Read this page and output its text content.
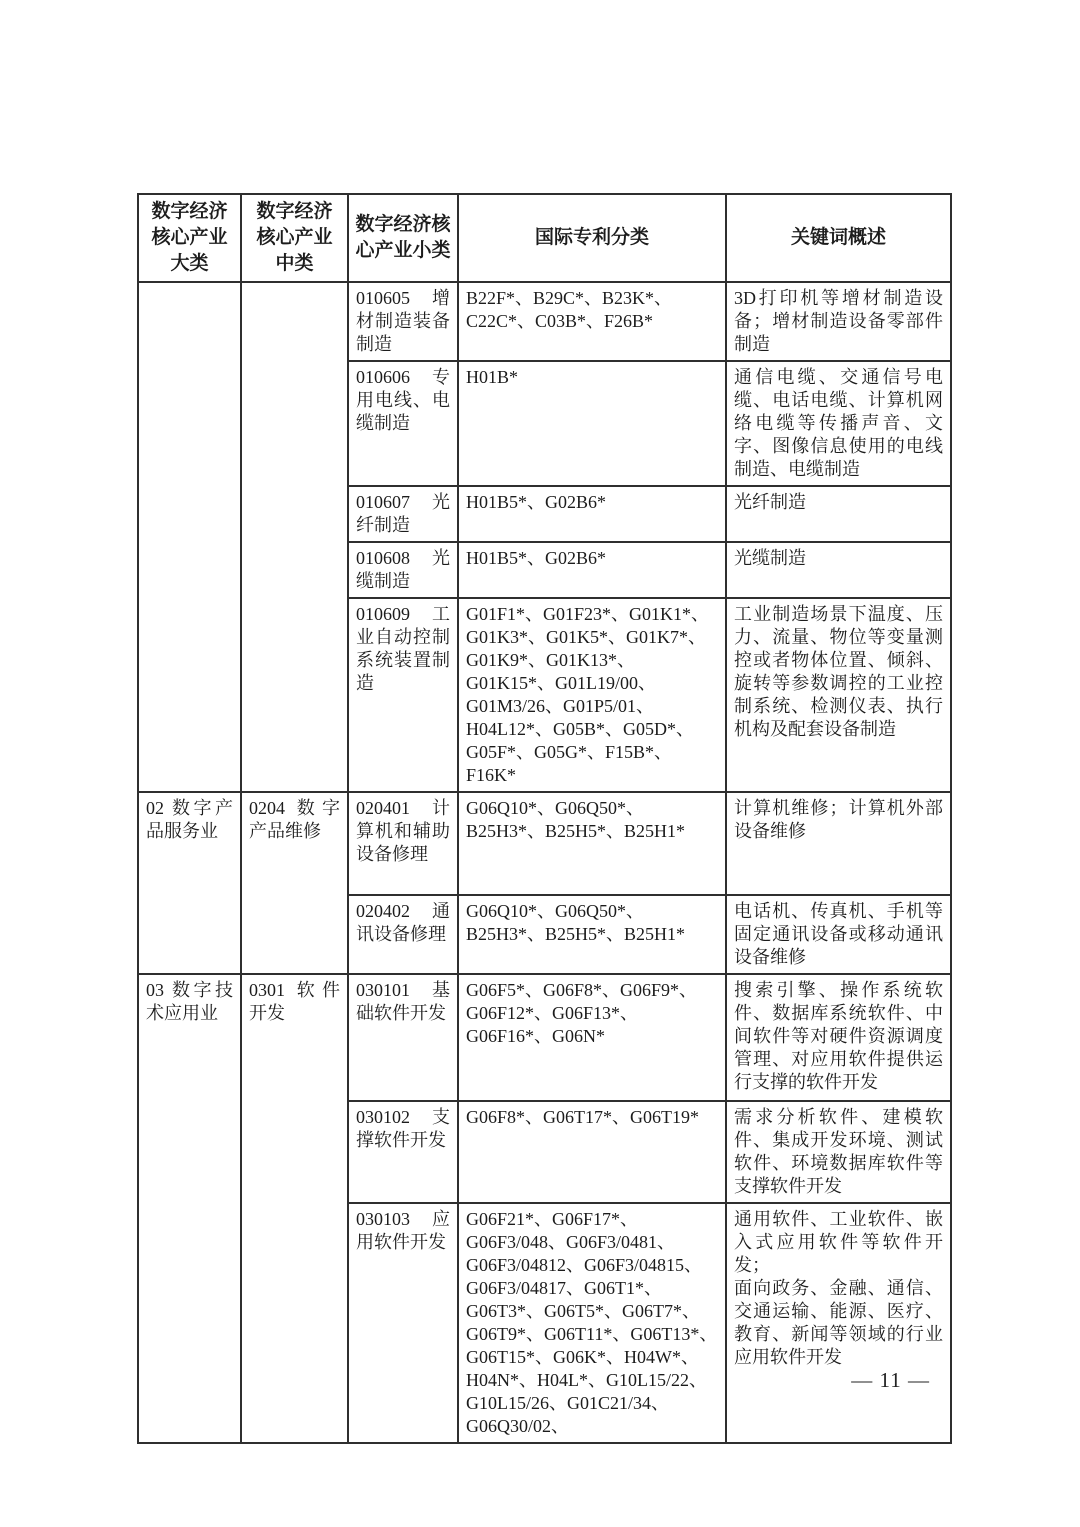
数字经济核心产业大类	数字经济核心产业中类	数字经济核心产业小类	国际专利分类	关键词概述
		010605 增材制造装备制造	B22F*、B29C*、B23K*、C22C*、C03B*、F26B*	3D打印机等增材制造设备；增材制造设备零部件制造

		010606 专用电线、电缆制造	H01B*	通信电缆、交通信号电缆、电话电缆、计算机网络电缆等传播声音、文字、图像信息使用的电线制造、电缆制造

		010607 光纤制造	H01B5*、G02B6*	光纤制造

		010608 光缆制造	H01B5*、G02B6*	光缆制造

		010609 工业自动控制系统装置制造	G01F1*、G01F23*、G01K1*、G01K3*、G01K5*、G01K7*、G01K9*、G01K13*、G01K15*、G01L19/00、G01M3/26、G01P5/01、H04L12*、G05B*、G05D*、G05F*、G05G*、F15B*、F16K*	工业制造场景下温度、压力、流量、物位等变量测控或者物体位置、倾斜、旋转等参数调控的工业控制系统、检测仪表、执行机构及配套设备制造

02 数字产品服务业	0204 数字产品维修	020401 计算机和辅助设备修理	G06Q10*、G06Q50*、B25H3*、B25H5*、B25H1*	计算机维修；计算机外部设备维修

		020402 通讯设备修理	G06Q10*、G06Q50*、B25H3*、B25H5*、B25H1*	电话机、传真机、手机等固定通讯设备或移动通讯设备维修

03 数字技术应用业	0301 软件开发	030101 基础软件开发	G06F5*、G06F8*、G06F9*、G06F12*、G06F13*、G06F16*、G06N*	搜索引擎、操作系统软件、数据库系统软件、中间软件等对硬件资源调度管理、对应用软件提供运行支撑的软件开发

		030102 支撑软件开发	G06F8*、G06T17*、G06T19*	需求分析软件、建模软件、集成开发环境、测试软件、环境数据库软件等支撑软件开发

		030103 应用软件开发	G06F21*、G06F17*、G06F3/048、G06F3/0481、G06F3/04812、G06F3/04815、G06F3/04817、G06T1*、G06T3*、G06T5*、G06T7*、G06T9*、G06T11*、G06T13*、G06T15*、G06K*、H04W*、H04N*、H04L*、G10L15/22、G10L15/26、G01C21/34、G06Q30/02、	通用软件、工业软件、嵌入式应用软件等软件开发；
面向政务、金融、通信、交通运输、能源、医疗、教育、新闻等领域的行业应用软件开发
— 11 —
